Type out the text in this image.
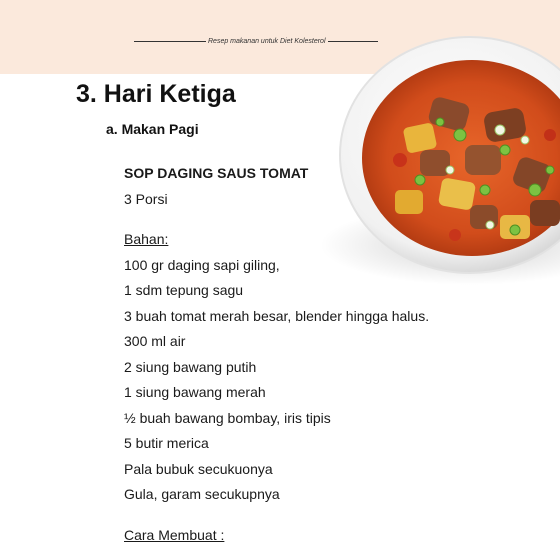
Resep makanan untuk Diet Kolesterol
3. Hari Ketiga
a. Makan Pagi
SOP DAGING SAUS TOMAT
3 Porsi
Bahan:
100 gr daging sapi giling,
1 sdm tepung sagu
3 buah tomat merah besar, blender hingga halus.
300 ml air
2 siung bawang putih
1 siung bawang merah
½ buah bawang bombay, iris tipis
5 butir merica
Pala bubuk secukuonya
Gula, garam secukupnya
Cara Membuat :
